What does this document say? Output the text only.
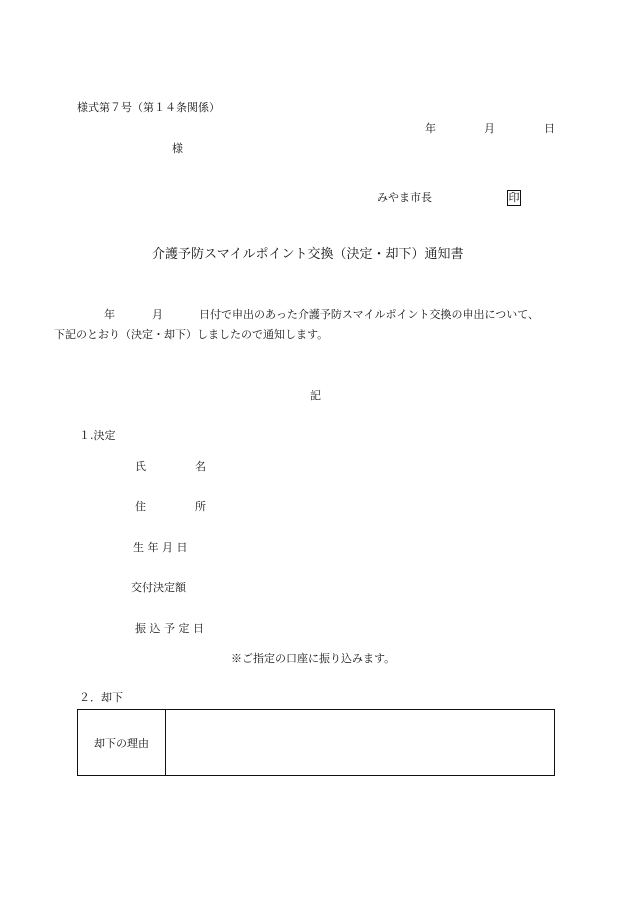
様式第７号（第１４条関係）
年	月	日
様
みやま市長	印
介護予防スマイルポイント交換（決定・却下）通知書
年	月	日付で申出のあった介護予防スマイルポイント交換の申出について、
下記のとおり（決定・却下）しましたので通知します。
記
１.決定
氏	名
住	所
生 年 月 日
交付決定額
振 込 予 定 日
※ご指定の口座に振り込みます。
２．却下
却下の理由
